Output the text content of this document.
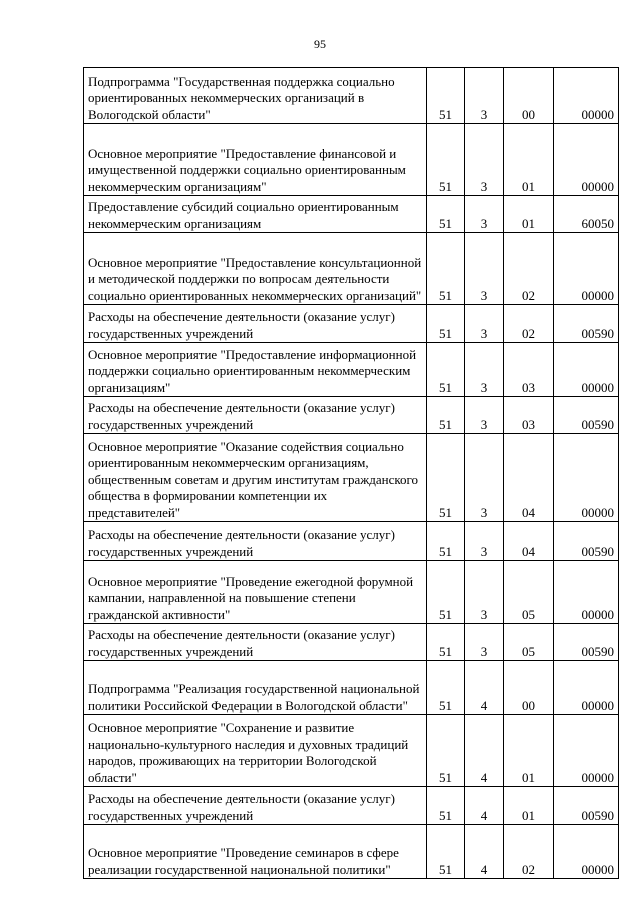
95
Подпрограмма "Государственная поддержка социально ориентированных некоммерческих организаций в Вологодской области"	51	3	00	00000
Основное мероприятие "Предоставление финансовой и имущественной поддержки социально ориентированным некоммерческим организациям"	51	3	01	00000
Предоставление субсидий социально ориентированным некоммерческим организациям	51	3	01	60050
Основное мероприятие "Предоставление консультационной и методической поддержки по вопросам деятельности социально ориентированных некоммерческих организаций"	51	3	02	00000
Расходы на обеспечение деятельности (оказание услуг) государственных учреждений	51	3	02	00590
Основное мероприятие "Предоставление информационной поддержки социально ориентированным некоммерческим организациям"	51	3	03	00000
Расходы на обеспечение деятельности (оказание услуг) государственных учреждений	51	3	03	00590
Основное мероприятие "Оказание содействия социально ориентированным некоммерческим организациям, общественным советам и другим институтам гражданского общества в формировании компетенции их представителей"	51	3	04	00000
Расходы на обеспечение деятельности (оказание услуг) государственных учреждений	51	3	04	00590
Основное мероприятие "Проведение ежегодной форумной кампании, направленной на повышение степени гражданской активности"	51	3	05	00000
Расходы на обеспечение деятельности (оказание услуг) государственных учреждений	51	3	05	00590
Подпрограмма "Реализация государственной национальной политики Российской Федерации в Вологодской области"	51	4	00	00000
Основное мероприятие "Сохранение и развитие национально-культурного наследия и духовных традиций народов, проживающих на территории Вологодской области"	51	4	01	00000
Расходы на обеспечение деятельности (оказание услуг) государственных учреждений	51	4	01	00590
Основное мероприятие "Проведение семинаров в сфере реализации государственной национальной политики"	51	4	02	00000
